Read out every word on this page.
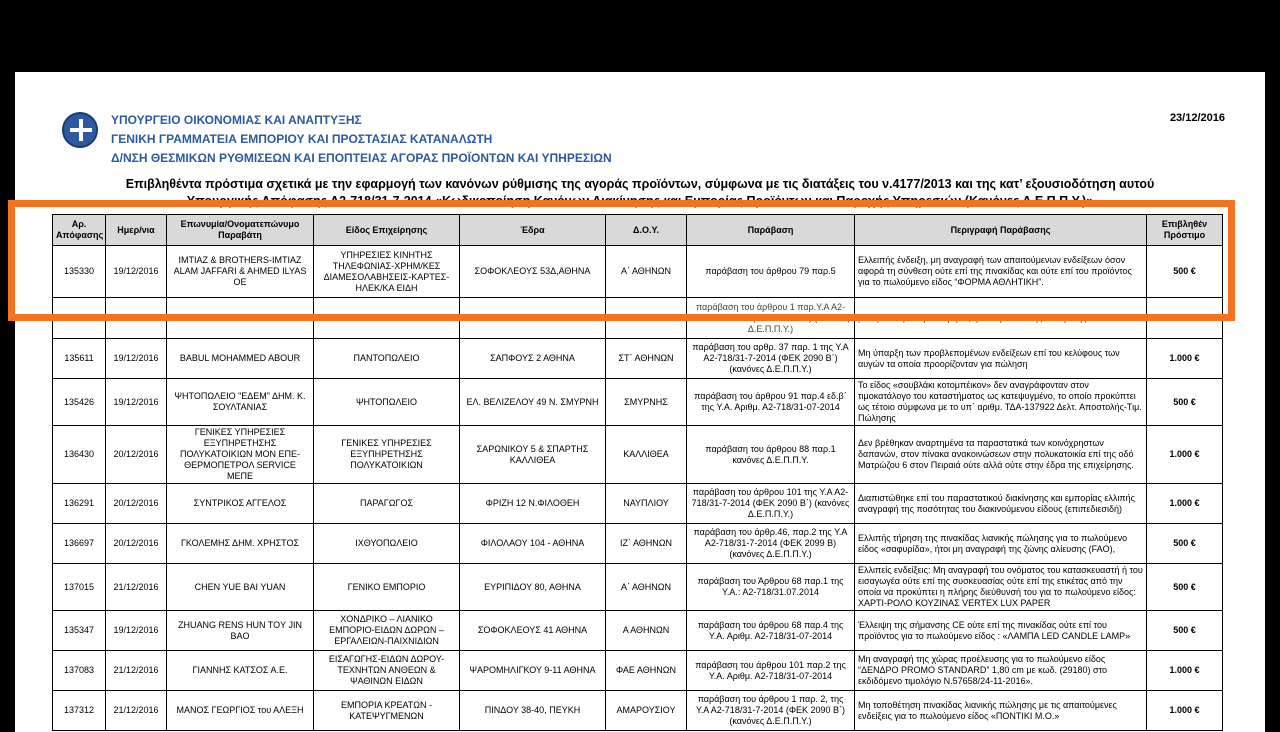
ΥΠΟΥΡΓΕΙΟ ΟΙΚΟΝΟΜΙΑΣ ΚΑΙ ΑΝΑΠΤΥΞΗΣ
ΓΕΝΙΚΗ ΓΡΑΜΜΑΤΕΙΑ ΕΜΠΟΡΙΟΥ ΚΑΙ ΠΡΟΣΤΑΣΙΑΣ ΚΑΤΑΝΑΛΩΤΗ
Δ/ΝΣΗ ΘΕΣΜΙΚΩΝ ΡΥΘΜΙΣΕΩΝ ΚΑΙ ΕΠΟΠΤΕΙΑΣ ΑΓΟΡΑΣ ΠΡΟΪΟΝΤΩΝ ΚΑΙ ΥΠΗΡΕΣΙΩΝ
23/12/2016
Επιβληθέντα πρόστιμα σχετικά με την εφαρμογή των κανόνων ρύθμισης της αγοράς προϊόντων, σύμφωνα με τις διατάξεις του ν.4177/2013 και της κατ’ εξουσιοδότηση αυτού
Υπουργικής Απόφασης Α2-718/31-7-2014 «Κωδικοποίηση Κανόνων Διακίνησης και Εμπορίας Προϊόντων και Παροχής Υπηρεσιών (Κανόνες Δ.Ε.Π.Π.Υ.)»
Αρ. Απόφασης	Ημερ/νια	Επωνυμία/Ονοματεπώνυμο Παραβάτη	Είδος Επιχείρησης	Έδρα	Δ.Ο.Υ.	Παράβαση	Περιγραφή Παράβασης	Επιβληθέν Πρόστιμο
135330	19/12/2016	IMTIAZ & BROTHERS-IMTIAZ ALAM JAFFARI & AHMED ILYAS OE	ΥΠΗΡΕΣΙΕΣ ΚΙΝΗΤΗΣ ΤΗΛΕΦΩΝΙΑΣ-ΧΡΗΜ/ΚΕΣ ΔΙΑΜΕΣΟΛΑΒΗΣΕΙΣ-ΚΑΡΤΕΣ-ΗΛΕΚ/ΚΑ ΕΙΔΗ	ΣΟΦΟΚΛΕΟΥΣ 53Δ,ΑΘΗΝΑ	Α΄ ΑΘΗΝΩΝ	παράβαση του άρθρου 79 παρ.5	Ελλειπής ένδειξη, μη αναγραφή των απαιτούμενων ενδείξεων όσον αφορά τη σύνθεση ούτε επί της πινακίδας και ούτε επί του προϊόντος για το πωλούμενο είδος “ΦΟΡΜΑ ΑΘΛΗΤΙΚΗ”.	500 €
		ΕΦΕΝΤΟΥΡΙ				παράβαση του άρθρου 1 παρ.Υ.Α Α2-718/31-7-2014 (ΦΕΚ 2090 Β΄) (κανόνες Δ.Ε.Π.Π.Υ.)	βάση του τιμολογίου αγοράς ήταν προέλευσης Σενεγάλης.	
135611	19/12/2016	BABUL MOHAMMED ABOUR	ΠΑΝΤΟΠΩΛΕΙΟ	ΣΑΠΦΟΥΣ 2 ΑΘΗΝΑ	ΣΤ΄ ΑΘΗΝΩΝ	παράβαση του αρθρ. 37 παρ. 1 της Υ.Α Α2-718/31-7-2014 (ΦΕΚ 2090 Β΄) (κανόνες Δ.Ε.Π.Π.Υ.)	Μη ύπαρξη των προβλεπομένων ενδείξεων επί του κελύφους των αυγών τα οποία προορίζονταν για πώληση	1.000 €
135426	19/12/2016	ΨΗΤΟΠΩΛΕΙΟ "ΕΔΕΜ" ΔΗΜ. Κ. ΣΟΥΛΤΑΝΙΑΣ	ΨΗΤΟΠΩΛΕΙΟ	ΕΛ. ΒΕΛΙΖΕΛΟΥ 49 Ν. ΣΜΥΡΝΗ	ΣΜΥΡΝΗΣ	παράβαση του άρθρου 91 παρ.4 εδ.β΄ της Υ.Α. Αριθμ. Α2-718/31-07-2014	Το είδος «σουβλάκι κοτομπέικον» δεν αναγράφονταν στον τιμοκατάλογο του καταστήματος ως κατεψυγμένο, το οποίο προκύπτει ως τέτοιο σύμφωνα με το υπ΄ αριθμ. ΤΔΑ-137922 Δελτ. Αποστολής-Τιμ. Πώλησης	500 €
136430	20/12/2016	ΓΕΝΙΚΕΣ ΥΠΗΡΕΣΙΕΣ ΕΞΥΠΗΡΕΤΗΣΗΣ ΠΟΛΥΚΑΤΟΙΚΙΩΝ ΜΟΝ ΕΠΕ-ΘΕΡΜΟΠΕΤΡΟΛ SERVICE ΜΕΠΕ	ΓΕΝΙΚΕΣ ΥΠΗΡΕΣΙΕΣ ΕΞΥΠΗΡΕΤΗΣΗΣ ΠΟΛΥΚΑΤΟΙΚΙΩΝ	ΣΑΡΩΝΙΚΟΥ 5 & ΣΠΑΡΤΗΣ ΚΑΛΛΙΘΕΑ	ΚΑΛΛΙΘΕΑ	παράβαση του άρθρου 88 παρ.1 κανόνες Δ.Ε.Π.Π.Υ.	Δεν βρέθηκαν αναρτημένα τα παραστατικά των κοινόχρηστων δαπανών, στον πίνακα ανακοινώσεων στην πολυκατοικία επί της οδό Ματρώζου 6 στον Πειραιά ούτε αλλά ούτε στην έδρα της επιχείρησης.	1.000 €
136291	20/12/2016	ΣΥΝΤΡΙΚΟΣ ΑΓΓΕΛΟΣ	ΠΑΡΑΓΩΓΟΣ	ΦΡΙΖΗ 12 Ν.ΦΙΛΟΘΕΗ	ΝΑΥΠΛΙΟΥ	παράβαση του άρθρου 101 της Υ.Α Α2-718/31-7-2014 (ΦΕΚ 2090 Β΄) (κανόνες Δ.Ε.Π.Π.Υ.)	Διαπιστώθηκε επί του παραστατικού διακίνησης και εμπορίας ελλιπής αναγραφή της ποσότητας του διακινούμενου είδους (επιπεδιεσιδή)	1.000 €
136697	20/12/2016	ΓΚΟΛΕΜΗΣ ΔΗΜ. ΧΡΗΣΤΟΣ	ΙΧΘΥΟΠΩΛΕΙΟ	ΦΙΛΟΛΑΟΥ 104 - ΑΘΗΝΑ	ΙΖ΄ ΑΘΗΝΩΝ	παράβαση του άρθρ.46, παρ.2 της Υ.Α Α2-718/31-7-2014 (ΦΕΚ 2099 Β) (κανόνες Δ.Ε.Π.Π.Υ.)	Ελλιπής τήρηση της πινακίδας λιανικής πώλησης για το πωλούμενο είδος «σαφυρίδα», ήτοι μη αναγραφή της ζώνης αλίευσης (FAO),	500 €
137015	21/12/2016	CHEN YUE BAI YUAN	ΓΕΝΙΚΟ ΕΜΠΟΡΙΟ	ΕΥΡΙΠΙΔΟΥ 80, ΑΘΗΝΑ	Α΄ ΑΘΗΝΩΝ	παράβαση του Άρθρου 68 παρ.1 της Υ.Α.: Α2-718/31.07.2014	Ελλιπείς ενδείξεις: Μη αναγραφή του ονόματος του κατασκευαστή ή του εισαγωγέα ούτε επί της συσκευασίας ούτε επί της ετικέτας από την οποία να προκύπτει η πλήρης διεύθυνσή του για το πωλούμενο είδος: ΧΑΡΤΙ-ΡΟΛΟ ΚΟΥΖΙΝΑΣ VERTEX LUX PAPER	500 €
135347	19/12/2016	ZHUANG RENS HUN TOY JIN BAO	ΧΟΝΔΡΙΚΟ – ΛΙΑΝΙΚΟ ΕΜΠΟΡΙΟ-ΕΙΔΩΝ ΔΩΡΩΝ – ΕΡΓΑΛΕΙΩΝ-ΠΑΙΧΝΙΔΙΩΝ	ΣΟΦΟΚΛΕΟΥΣ 41 ΑΘΗΝΑ	Α ΑΘΗΝΩΝ	παράβαση του άρθρου 68 παρ.4 της Υ.Α. Αριθμ. Α2-718/31-07-2014	Έλλειψη της σήμανσης CE ούτε επί της πινακίδας ούτε επί του προϊόντος για το πωλούμενο είδος : «ΛΑΜΠΑ LED CANDLE LAMP»	500 €
137083	21/12/2016	ΓΙΑΝΝΗΣ ΚΑΤΣΟΣ Α.Ε.	ΕΙΣΑΓΩΓΗΣ-ΕΙΔΩΝ ΔΩΡΟΥ-ΤΕΧΝΗΤΩΝ ΑΝΘΕΩΝ & ΨΑΘΙΝΩΝ ΕΙΔΩΝ	ΨΑΡΟΜΗΛΙΓΚΟΥ 9-11 ΑΘΗΝΑ	ΦΑΕ ΑΘΗΝΩΝ	παράβαση του άρθρου 101 παρ.2 της Υ.Α. Αριθμ. Α2-718/31-07-2014	Μη αναγραφή της χώρας προέλευσης για το πωλούμενο είδος “ΔΕΝΔΡΟ PROMO STANDARD” 1,80 cm με κωδ. (29180) στο εκδιδόμενο τιμολόγιο Ν.57658/24-11-2016».	1.000 €
137312	21/12/2016	ΜΑΝΟΣ ΓΕΩΡΓΙΟΣ του ΑΛΕΞΗ	ΕΜΠΟΡΙΑ ΚΡΕΑΤΩΝ - ΚΑΤΕΨΥΓΜΕΝΩΝ	ΠΙΝΔΟΥ 38-40, ΠΕΥΚΗ	ΑΜΑΡΟΥΣΙΟΥ	παράβαση του άρθρου 1 παρ. 2, της Υ.Α Α2-718/31-7-2014 (ΦΕΚ 2090 Β΄) (κανόνες Δ.Ε.Π.Π.Υ.)	Μη τοποθέτηση πινακίδας λιανικής πώλησης με τις απαιτούμενες ενδείξεις για το πωλούμενο είδος «ΠΟΝΤΙΚΙ Μ.Ο.»	1.000 €
